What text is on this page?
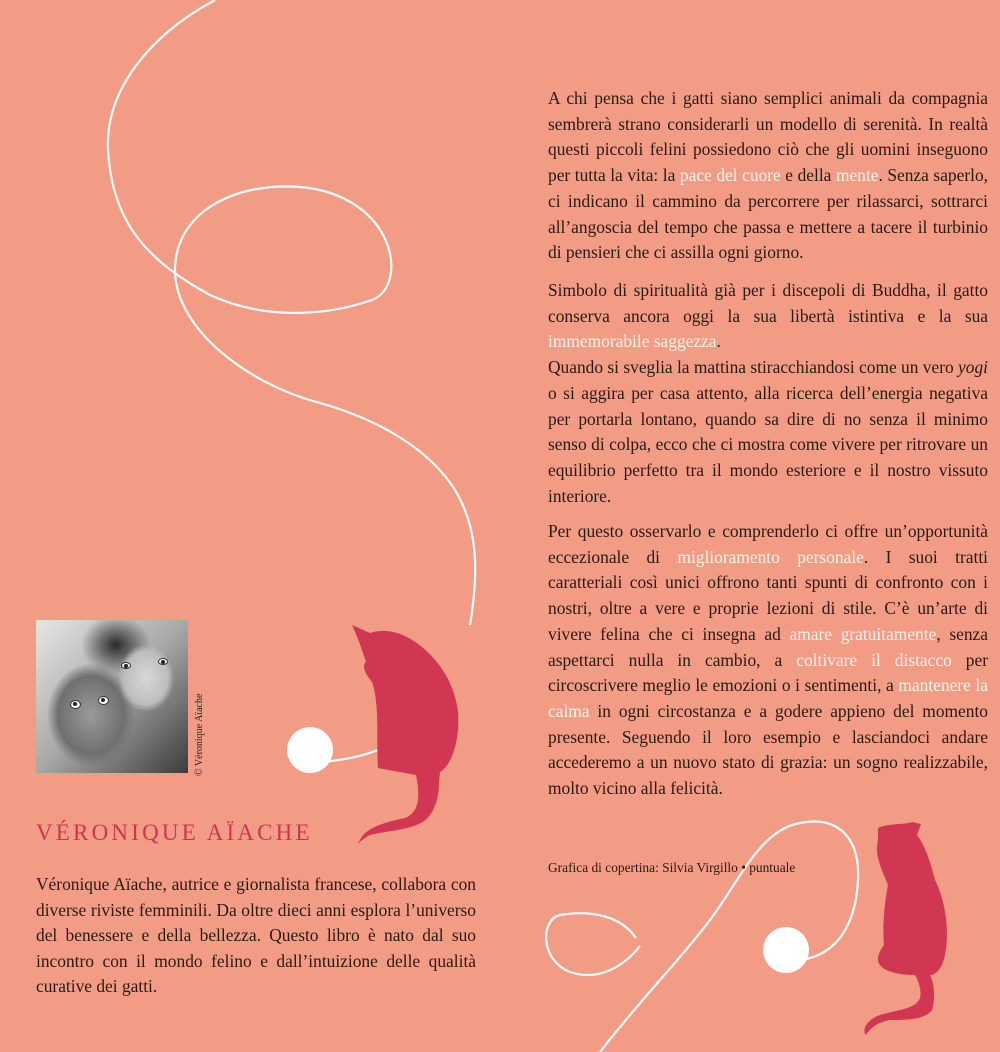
A chi pensa che i gatti siano semplici animali da compagnia sembrerà strano considerarli un modello di serenità. In realtà questi piccoli felini possiedono ciò che gli uomini inseguono per tutta la vita: la pace del cuore e della mente. Senza saperlo, ci indicano il cammino da percorrere per rilassarci, sottrarci all’angoscia del tempo che passa e mettere a tacere il turbinio di pensieri che ci assilla ogni giorno.

Simbolo di spiritualità già per i discepoli di Buddha, il gatto conserva ancora oggi la sua libertà istintiva e la sua immemorabile saggezza.

Quando si sveglia la mattina stiracchiandosi come un vero yogi o si aggira per casa attento, alla ricerca dell’energia negativa per portarla lontano, quando sa dire di no senza il minimo senso di colpa, ecco che ci mostra come vivere per ritrovare un equilibrio perfetto tra il mondo esteriore e il nostro vissuto interiore.

Per questo osservarlo e comprenderlo ci offre un’opportunità eccezionale di miglioramento personale. I suoi tratti caratteriali così unici offrono tanti spunti di confronto con i nostri, oltre a vere e proprie lezioni di stile. C’è un’arte di vivere felina che ci insegna ad amare gratuitamente, senza aspettarci nulla in cambio, a coltivare il distacco per circoscrivere meglio le emozioni o i sentimenti, a mantenere la calma in ogni circostanza e a godere appieno del momento presente. Seguendo il loro esempio e lasciandoci andare accederemo a un nuovo stato di grazia: un sogno realizzabile, molto vicino alla felicità.

Grafica di copertina: Silvia Virgillo • puntuale
© Véronique Aïache
VÉRONIQUE AÏACHE
Véronique Aïache, autrice e giornalista francese, collabora con diverse riviste femminili. Da oltre dieci anni esplora l’universo del benessere e della bellezza. Questo libro è nato dal suo incontro con il mondo felino e dall’intuizione delle qualità curative dei gatti.
